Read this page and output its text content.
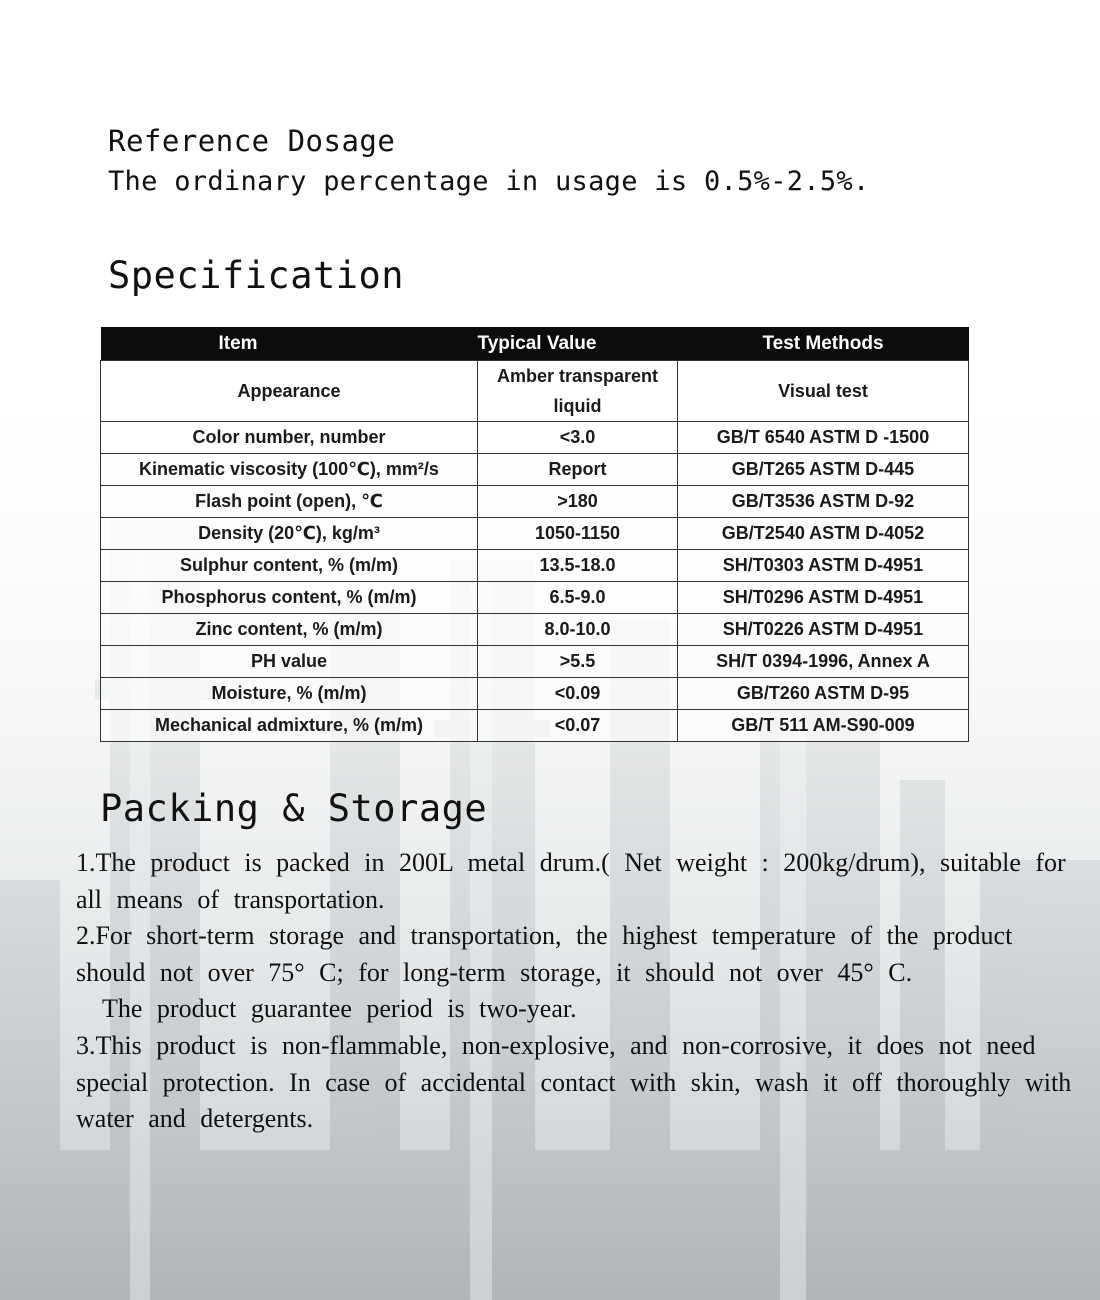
Reference Dosage

The ordinary percentage in usage is 0.5%-2.5%.

Specification
Item	Typical Value	Test Methods
Appearance	Amber transparent liquid	Visual test
Color number, number	<3.0	GB/T 6540 ASTM D -1500
Kinematic viscosity (100℃), mm²/s	Report	GB/T265 ASTM D-445
Flash point (open), ℃	>180	GB/T3536 ASTM D-92
Density (20℃), kg/m³	1050-1150	GB/T2540 ASTM D-4052
Sulphur content, % (m/m)	13.5-18.0	SH/T0303 ASTM D-4951
Phosphorus content, % (m/m)	6.5-9.0	SH/T0296 ASTM D-4951
Zinc content, % (m/m)	8.0-10.0	SH/T0226 ASTM D-4951
PH value	>5.5	SH/T 0394-1996, Annex A
Moisture, % (m/m)	<0.09	GB/T260 ASTM D-95
Mechanical admixture, % (m/m)	<0.07	GB/T 511 AM-S90-009
Packing & Storage

1.The product is packed in 200L metal drum.( Net weight : 200kg/drum), suitable for all means of transportation.

2.For short-term storage and transportation, the highest temperature of the product should not over 75° C; for long-term storage, it should not over 45° C.

The product guarantee period is two-year.

3.This product is non-flammable, non-explosive, and non-corrosive, it does not need special protection. In case of accidental contact with skin, wash it off thoroughly with water and detergents.
